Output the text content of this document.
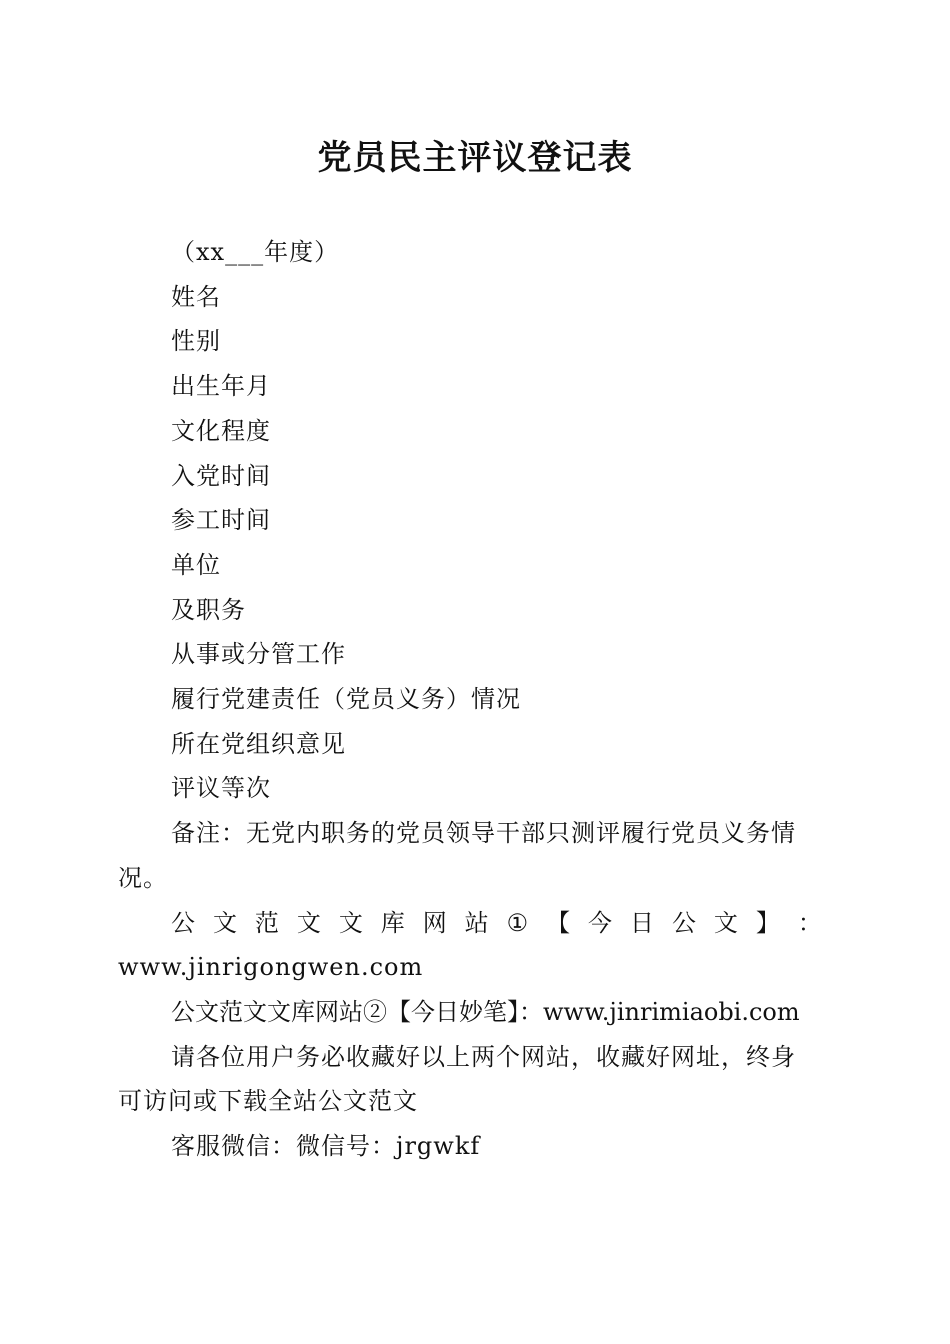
党员民主评议登记表

（xx___年度）

姓名

性别

出生年月

文化程度

入党时间

参工时间

单位

及职务

从事或分管工作

履行党建责任（党员义务）情况

所在党组织意见

评议等次

备注：无党内职务的党员领导干部只测评履行党员义务情

况。

公 文 范 文 文 库 网 站 ① 【 今 日 公 文 】 ：

www.jinrigongwen.com

公文范文文库网站②【今日妙笔】：www.jinrimiaobi.com

请各位用户务必收藏好以上两个网站，收藏好网址，终身

可访问或下载全站公文范文

客服微信：微信号：jrgwkf
